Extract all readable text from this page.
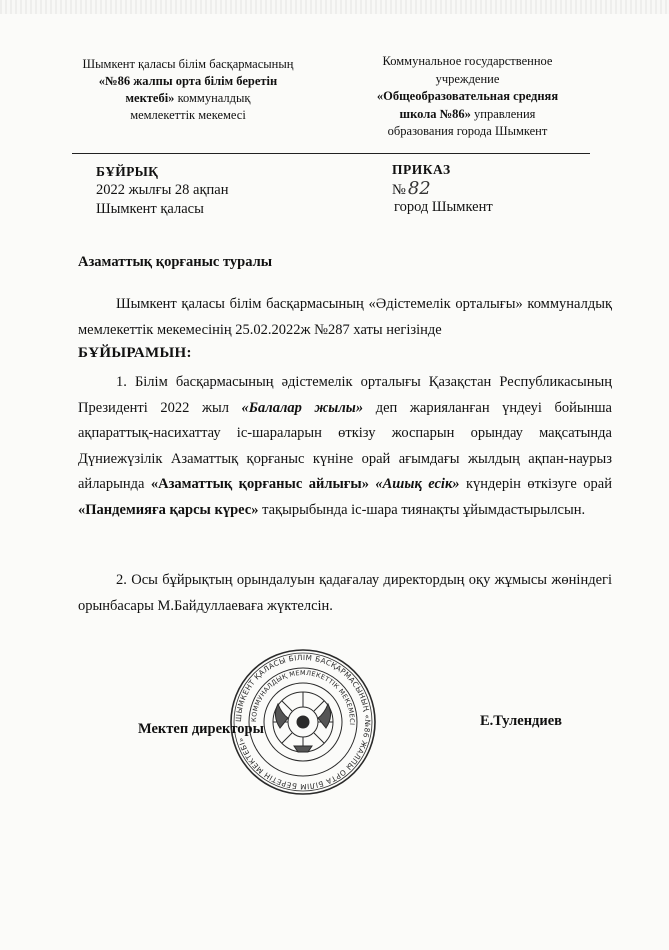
Шымкент қаласы білім басқармасының
«№86 жалпы орта білім беретін
мектебі» коммуналдық
мемлекеттік мекемесі
Коммунальное государственное
учреждение
«Общеобразовательная средняя
школа №86» управления
образования города Шымкент
БҰЙРЫҚ
2022 жылғы 28 ақпан
Шымкент қаласы
ПРИКАЗ
№ 82
город Шымкент
Азаматтық қорғаныс туралы
Шымкент қаласы білім басқармасының «Әдістемелік орталығы» коммуналдық мемлекеттік мекемесінің 25.02.2022ж №287 хаты негізінде
БҰЙЫРАМЫН:
1. Білім басқармасының әдістемелік орталығы Қазақстан Республикасының Президенті 2022 жыл «Балалар жылы» деп жарияланған үндеуі бойынша ақпараттық-насихаттау іс-шараларын өткізу жоспарын орындау мақсатында Дүниежүзілік Азаматтық қорғаныс күніне орай ағымдағы жылдың ақпан-наурыз айларында «Азаматтық қорғаныс айлығы» «Ашық есік» күндерін өткізуге орай «Пандемияға қарсы күрес» тақырыбында іс-шара тиянақты ұйымдастырылсын.
2. Осы бұйрықтың орындалуын қадағалау директордың оқу жұмысы жөніндегі орынбасары М.Байдуллаеваға жүктелсін.
ШЫМКЕНТ ҚАЛАСЫ БІЛІМ БАСҚАРМАСЫНЫҢ «№86 ЖАЛПЫ ОРТА БІЛІМ БЕРЕТІН МЕКТЕБІ»
КОММУНАЛДЫҚ МЕМЛЕКЕТТІК МЕКЕМЕСІ
Мектеп директоры	Е.Тулендиев
